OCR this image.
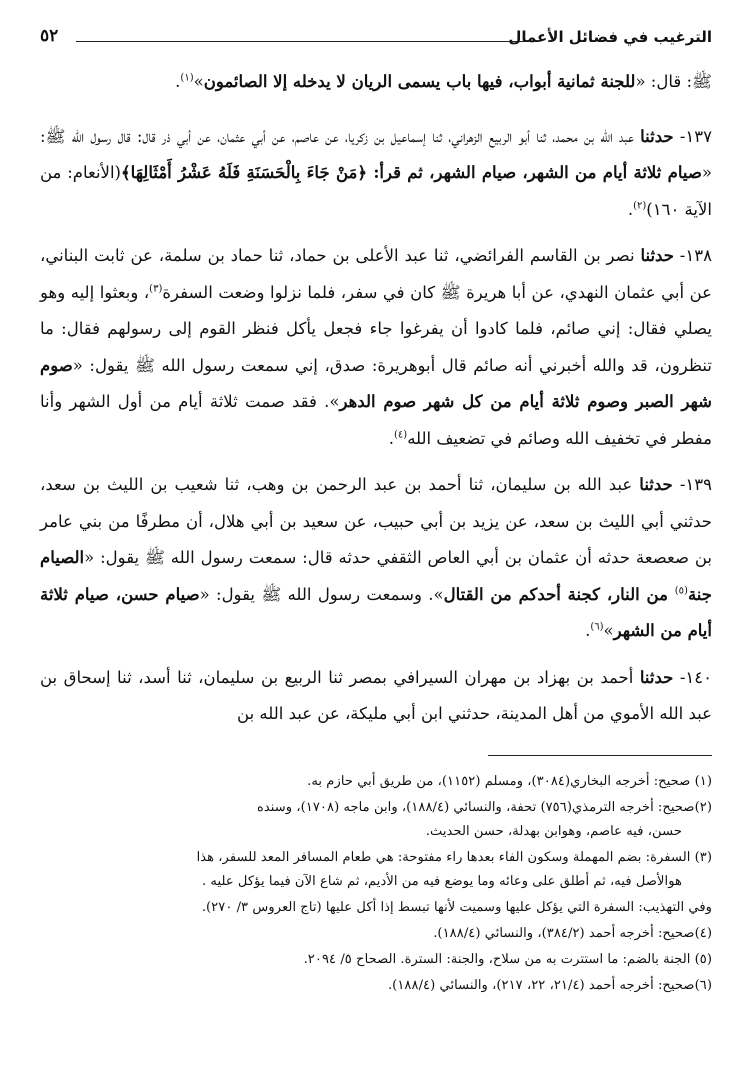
الترغيب في فضائل الأعمال
٥٢

ﷺ: قال: «للجنة ثمانية أبواب، فيها باب يسمى الريان لا يدخله إلا الصائمون»$^{(١)}$.

١٣٧- حدثنا عبد الله بن محمد، ثنا أبو الربيع الزهراني، ثنا إسماعيل بن زكريا، عن عاصم، عن أبي عثمان، عن أبي ذر قال: قال رسول الله ﷺ: «صيام ثلاثة أيام من الشهر، صيام الشهر، ثم قرأ: ﴿مَنْ جَاءَ بِالْحَسَنَةِ فَلَهُ عَشْرُ أَمْثَالِهَا﴾(الأنعام: من الآية ١٦٠)$^{(٢)}$.

١٣٨- حدثنا نصر بن القاسم الفرائضي، ثنا عبد الأعلى بن حماد، ثنا حماد بن سلمة، عن ثابت البناني، عن أبي عثمان النهدي، عن أبا هريرة ﷺ كان في سفر، فلما نزلوا وضعت السفرة$^{(٣)}$، وبعثوا إليه وهو يصلي فقال: إني صائم، فلما كادوا أن يفرغوا جاء فجعل يأكل فنظر القوم إلى رسولهم فقال: ما تنظرون، قد والله أخبرني أنه صائم قال أبوهريرة: صدق، إني سمعت رسول الله ﷺ يقول: «صوم شهر الصبر وصوم ثلاثة أيام من كل شهر صوم الدهر». فقد صمت ثلاثة أيام من أول الشهر وأنا مفطر في تخفيف الله وصائم في تضعيف الله$^{(٤)}$.

١٣٩- حدثنا عبد الله بن سليمان، ثنا أحمد بن عبد الرحمن بن وهب، ثنا شعيب بن الليث بن سعد، حدثني أبي الليث بن سعد، عن يزيد بن أبي حبيب، عن سعيد بن أبي هلال، أن مطرفًا من بني عامر بن صعصعة حدثه أن عثمان بن أبي العاص الثقفي حدثه قال: سمعت رسول الله ﷺ يقول: «الصيام جنة$^{(٥)}$ من النار، كجنة أحدكم من القتال». وسمعت رسول الله ﷺ يقول: «صيام حسن، صيام ثلاثة أيام من الشهر»$^{(٦)}$.

١٤٠- حدثنا أحمد بن بهزاد بن مهران السيرافي بمصر ثنا الربيع بن سليمان، ثنا أسد، ثنا إسحاق بن عبد الله الأموي من أهل المدينة، حدثني ابن أبي مليكة، عن عبد الله بن

(١) صحيح: أخرجه البخاري(٣٠٨٤)، ومسلم (١١٥٢)، من طريق أبي حازم به.

(٢)صحيح: أخرجه الترمذي(٧٥٦) تحفة، والنسائي (١٨٨/٤)، وابن ماجه (١٧٠٨)، وسنده
حسن، فيه عاصم، وهوابن بهدلة، حسن الحديث.

(٣) السفرة: بضم المهملة وسكون الفاء بعدها راء مفتوحة: هي طعام المسافر المعد للسفر، هذا
هوالأصل فيه، ثم أطلق على وعائه وما يوضع فيه من الأديم، ثم شاع الآن فيما يؤكل عليه .

وفي التهذيب: السفرة التي يؤكل عليها وسميت لأنها تبسط إذا أكل عليها (تاج العروس ٣/ ٢٧٠).

(٤)صحيح: أخرجه أحمد (٣٨٤/٢)، والنسائي (١٨٨/٤).

(٥) الجنة بالضم: ما استترت به من سلاح، والجنة: السترة. الصحاح ٥/ ٢٠٩٤.

(٦)صحيح: أخرجه أحمد (٢١/٤، ٢٢، ٢١٧)، والنسائي (١٨٨/٤).
